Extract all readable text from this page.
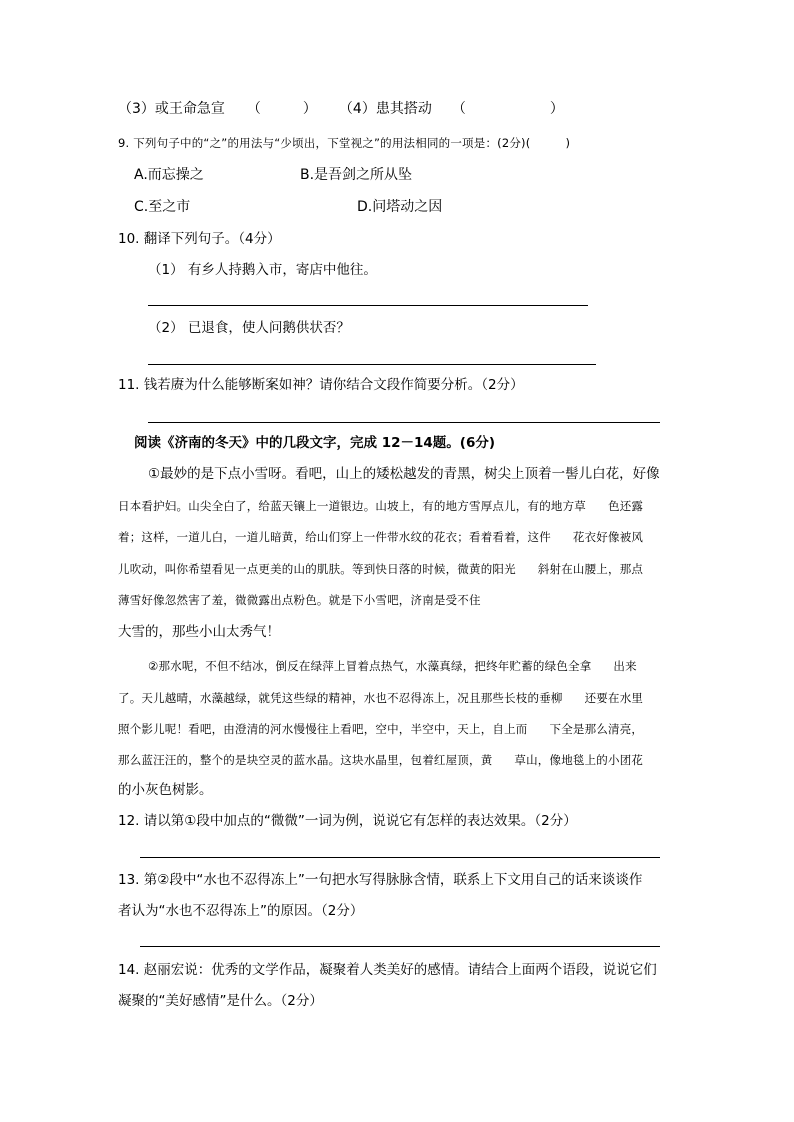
（3）或王命急宣 （　　　） （4）患其搭动 （　　　　　　）
9. 下列句子中的“之”的用法与“少顷出，下堂视之”的用法相同的一项是：(2分)(　　　)
A.而忘操之	B.是吾剑之所从坠
C.至之市	D.问塔动之因
10. 翻译下列句子。（4分）
（1） 有乡人持鹅入市，寄店中他往。
（2） 已退食，使人问鹅供状否？
11. 钱若赓为什么能够断案如神？请你结合文段作简要分析。（2分）
阅读《济南的冬天》中的几段文字，完成 12－14题。(6分)
①最妙的是下点小雪呀。看吧，山上的矮松越发的青黑，树尖上顶着一髻儿白花，好像
日本看护妇。山尖全白了，给蓝天镶上一道银边。山坡上，有的地方雪厚点儿，有的地方草 色还露
着；这样，一道儿白，一道儿暗黄，给山们穿上一件带水纹的花衣；看着看着，这件 花衣好像被风
儿吹动，叫你希望看见一点更美的山的肌肤。等到快日落的时候，微黄的阳光 斜射在山腰上，那点
薄雪好像忽然害了羞，微微露出点粉色。就是下小雪吧，济南是受不住
大雪的，那些小山太秀气！
②那水呢，不但不结冰，倒反在绿萍上冒着点热气，水藻真绿，把终年贮蓄的绿色全拿 出来
了。天儿越晴，水藻越绿，就凭这些绿的精神，水也不忍得冻上，况且那些长枝的垂柳 还要在水里
照个影儿呢！看吧，由澄清的河水慢慢往上看吧，空中，半空中，天上，自上而 下全是那么清亮，
那么蓝汪汪的，整个的是块空灵的蓝水晶。这块水晶里，包着红屋顶，黄 草山，像地毯上的小团花
的小灰色树影。
12. 请以第①段中加点的“微微”一词为例，说说它有怎样的表达效果。（2分）
13. 第②段中“水也不忍得冻上”一句把水写得脉脉含情，联系上下文用自己的话来谈谈作
者认为“水也不忍得冻上”的原因。（2分）
14. 赵丽宏说：优秀的文学作品，凝聚着人类美好的感情。请结合上面两个语段，说说它们
凝聚的“美好感情”是什么。（2分）
